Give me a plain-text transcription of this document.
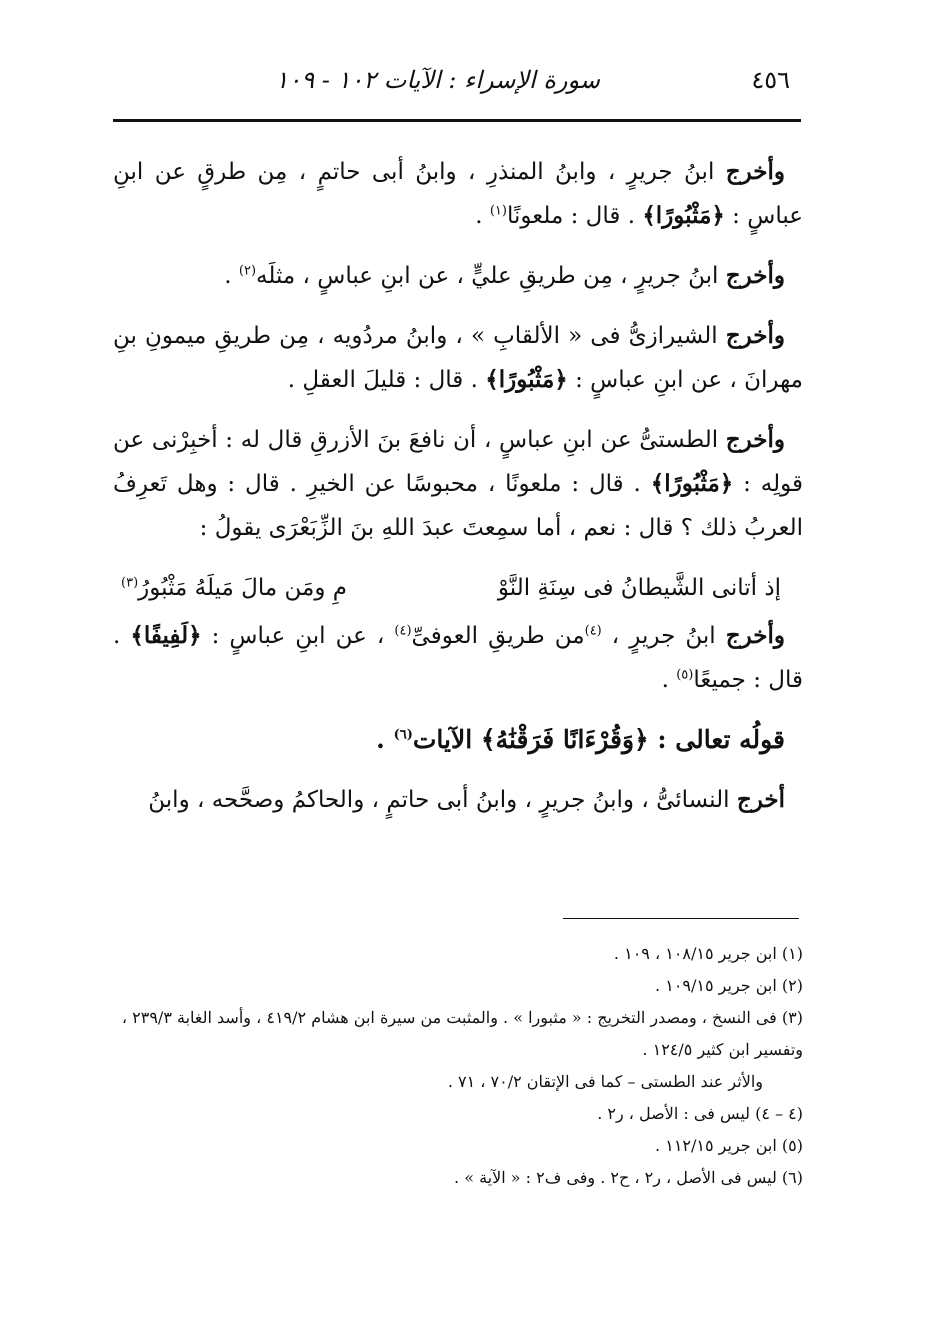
٤٥٦
سورة الإسراء : الآيات ١٠٢ - ١٠٩

وأخرج ابنُ جريرٍ ، وابنُ المنذرِ ، وابنُ أبى حاتمٍ ، مِن طرقٍ عن ابنِ عباسٍ : ﴿مَثْبُورًا﴾ . قال : ملعونًا$^{(١)}$ .

وأخرج ابنُ جريرٍ ، مِن طريقِ عليٍّ ، عن ابنِ عباسٍ ، مثلَه$^{(٢)}$ .

وأخرج الشيرازىُّ فى « الألقابِ » ، وابنُ مردُويه ، مِن طريقِ ميمونِ بنِ مهرانَ ، عن ابنِ عباسٍ : ﴿مَثْبُورًا﴾ . قال : قليلَ العقلِ .

وأخرج الطستىُّ عن ابنِ عباسٍ ، أن نافعَ بنَ الأزرقِ قال له : أخبِرْنى عن قولِه : ﴿مَثْبُورًا﴾ . قال : ملعونًا ، محبوسًا عن الخيرِ . قال : وهل تَعرِفُ العربُ ذلك ؟ قال : نعم ، أما سمِعتَ عبدَ اللهِ بنَ الزِّبَعْرَى يقولُ :

إذ أتانى الشَّيطانُ فى سِنَةِ النَّوْ
مِ ومَن مالَ مَيلَهُ مَثْبُورُ$^{(٣)}$

وأخرج ابنُ جريرٍ ، $^{(٤)}$من طريقِ العوفىِّ$^{(٤)}$ ، عن ابنِ عباسٍ : ﴿لَفِيفًا﴾ . قال : جميعًا$^{(٥)}$ .

قولُه تعالى : ﴿وَقُرْءَانًا فَرَقْنَٰهُ﴾ الآيات$^{(٦)}$ .

أخرج النسائىُّ ، وابنُ جريرٍ ، وابنُ أبى حاتمٍ ، والحاكمُ وصحَّحه ، وابنُ

(١) ابن جرير ١٠٨/١٥ ، ١٠٩ .

(٢) ابن جرير ١٠٩/١٥ .

(٣) فى النسخ ، ومصدر التخريج : « مثبورا » . والمثبت من سيرة ابن هشام ٤١٩/٢ ، وأسد الغابة ٢٣٩/٣ ،

وتفسير ابن كثير ١٢٤/٥ .

والأثر عند الطستى – كما فى الإتقان ٧٠/٢ ، ٧١ .

(٤ – ٤) ليس فى : الأصل ، ر٢ .

(٥) ابن جرير ١١٢/١٥ .

(٦) ليس فى الأصل ، ر٢ ، ح٢ . وفى ف٢ : « الآية » .
